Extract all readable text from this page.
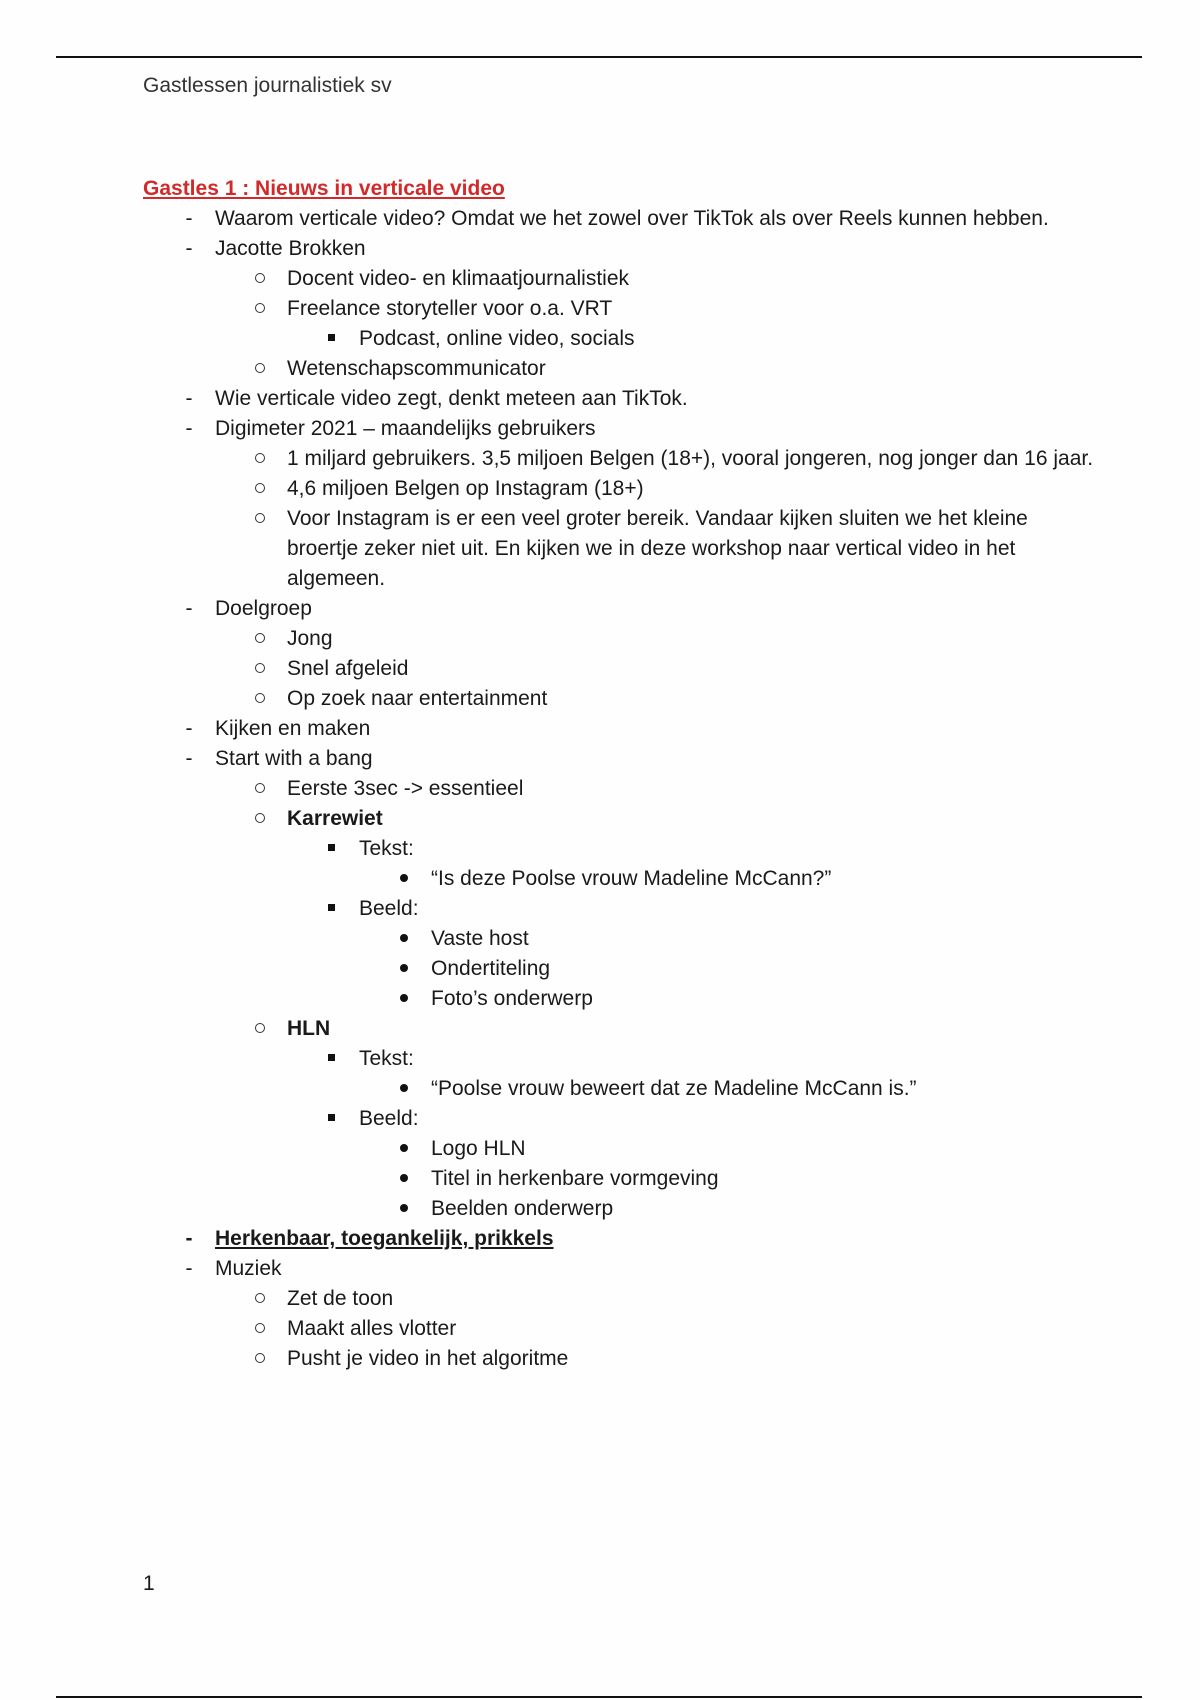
Gastlessen journalistiek sv
Gastles 1 : Nieuws in verticale video
-	Waarom verticale video? Omdat we het zowel over TikTok als over Reels kunnen hebben.
-	Jacotte Brokken
Docent video- en klimaatjournalistiek
Freelance storyteller voor o.a. VRT
Podcast, online video, socials
Wetenschapscommunicator
-	Wie verticale video zegt, denkt meteen aan TikTok.
-	Digimeter 2021 – maandelijks gebruikers
1 miljard gebruikers. 3,5 miljoen Belgen (18+), vooral jongeren, nog jonger dan 16 jaar.
4,6 miljoen Belgen op Instagram (18+)
Voor Instagram is er een veel groter bereik. Vandaar kijken sluiten we het kleine broertje zeker niet uit. En kijken we in deze workshop naar vertical video in het algemeen.
-	Doelgroep
Jong
Snel afgeleid
Op zoek naar entertainment
-	Kijken en maken
-	Start with a bang
Eerste 3sec -> essentieel
Karrewiet
Tekst:
“Is deze Poolse vrouw Madeline McCann?”
Beeld:
Vaste host
Ondertiteling
Foto’s onderwerp
HLN
Tekst:
“Poolse vrouw beweert dat ze Madeline McCann is.”
Beeld:
Logo HLN
Titel in herkenbare vormgeving
Beelden onderwerp
-	Herkenbaar, toegankelijk, prikkels
-	Muziek
Zet de toon
Maakt alles vlotter
Pusht je video in het algoritme
1
